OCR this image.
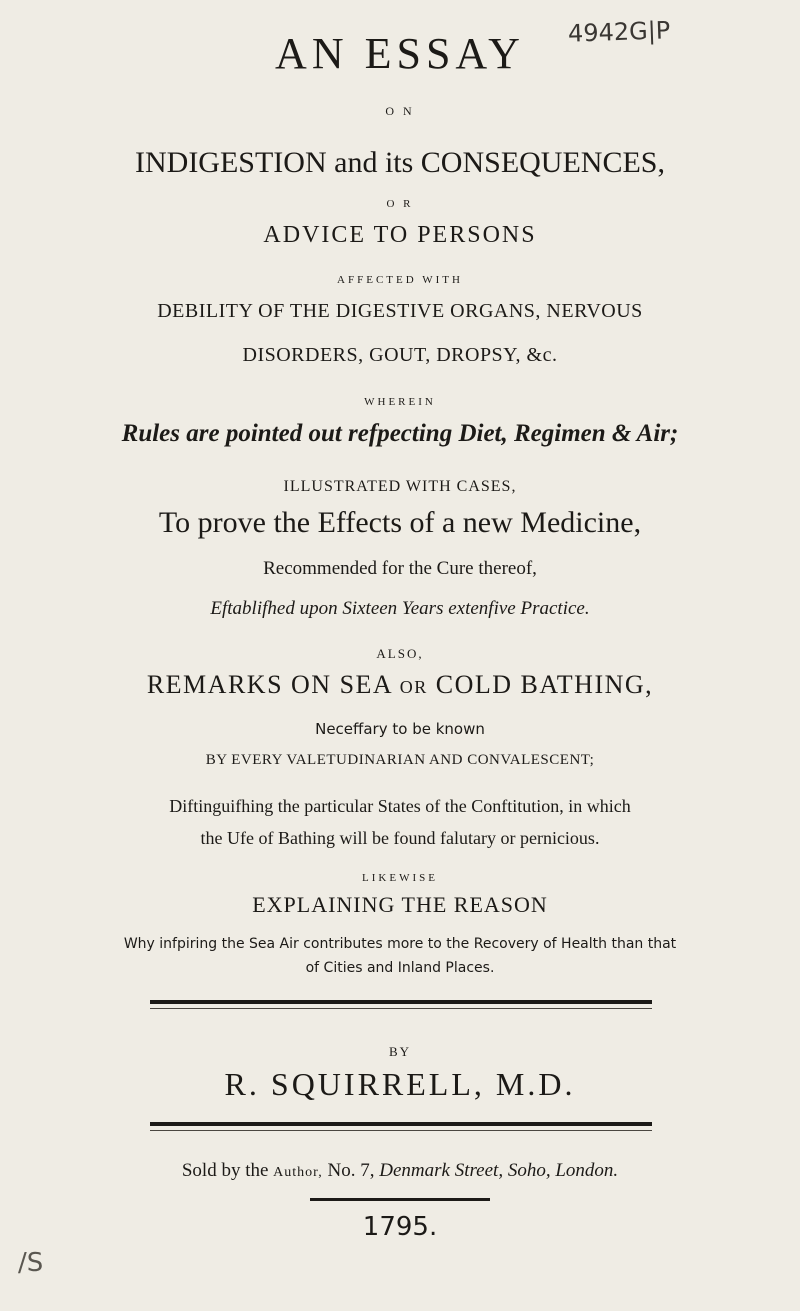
4942G|P
AN ESSAY
O N
INDIGESTION and its CONSEQUENCES,
O R
ADVICE TO PERSONS
AFFECTED WITH
DEBILITY OF THE DIGESTIVE ORGANS, NERVOUS
DISORDERS, GOUT, DROPSY, &c.
WHEREIN
Rules are pointed out refpecting Diet, Regimen & Air;
ILLUSTRATED WITH CASES,
To prove the Effects of a new Medicine,
Recommended for the Cure thereof,
Eftablifhed upon Sixteen Years extenfive Practice.
ALSO,
REMARKS ON SEA OR COLD BATHING,
Neceffary to be known
BY EVERY VALETUDINARIAN AND CONVALESCENT;
Diftinguifhing the particular States of the Conftitution, in which
the Ufe of Bathing will be found falutary or pernicious.
LIKEWISE
EXPLAINING THE REASON
Why infpiring the Sea Air contributes more to the Recovery of Health than that
of Cities and Inland Places.
BY
R. SQUIRRELL, M.D.
Sold by the Author, No. 7, Denmark Street, Soho, London.
1795.
/S
